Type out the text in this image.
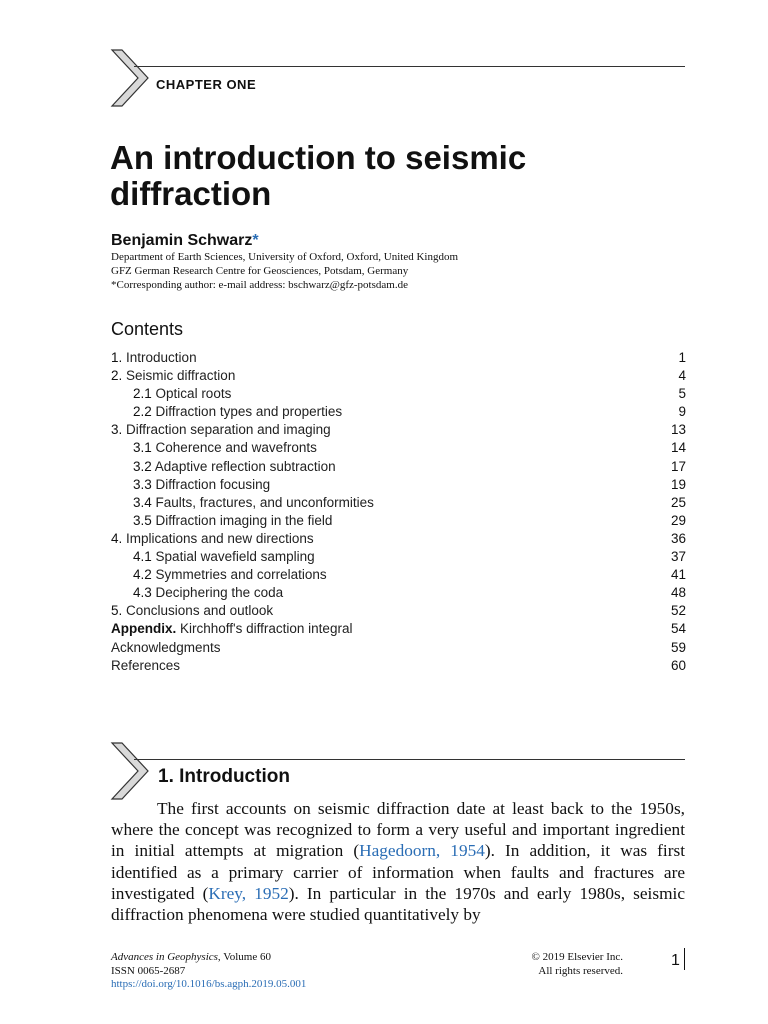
CHAPTER ONE
An introduction to seismic diffraction
Benjamin Schwarz*
Department of Earth Sciences, University of Oxford, Oxford, United Kingdom
GFZ German Research Centre for Geosciences, Potsdam, Germany
*Corresponding author: e-mail address: bschwarz@gfz-potsdam.de
Contents
1. Introduction	1
2. Seismic diffraction	4
2.1 Optical roots	5
2.2 Diffraction types and properties	9
3. Diffraction separation and imaging	13
3.1 Coherence and wavefronts	14
3.2 Adaptive reflection subtraction	17
3.3 Diffraction focusing	19
3.4 Faults, fractures, and unconformities	25
3.5 Diffraction imaging in the field	29
4. Implications and new directions	36
4.1 Spatial wavefield sampling	37
4.2 Symmetries and correlations	41
4.3 Deciphering the coda	48
5. Conclusions and outlook	52
Appendix. Kirchhoff's diffraction integral	54
Acknowledgments	59
References	60
1. Introduction

The first accounts on seismic diffraction date at least back to the 1950s, where the concept was recognized to form a very useful and important ingredient in initial attempts at migration (Hagedoorn, 1954). In addition, it was first identified as a primary carrier of information when faults and fractures are investigated (Krey, 1952). In particular in the 1970s and early 1980s, seismic diffraction phenomena were studied quantitatively by

Advances in Geophysics, Volume 60
ISSN 0065-2687
https://doi.org/10.1016/bs.agph.2019.05.001
© 2019 Elsevier Inc.
All rights reserved.
1
